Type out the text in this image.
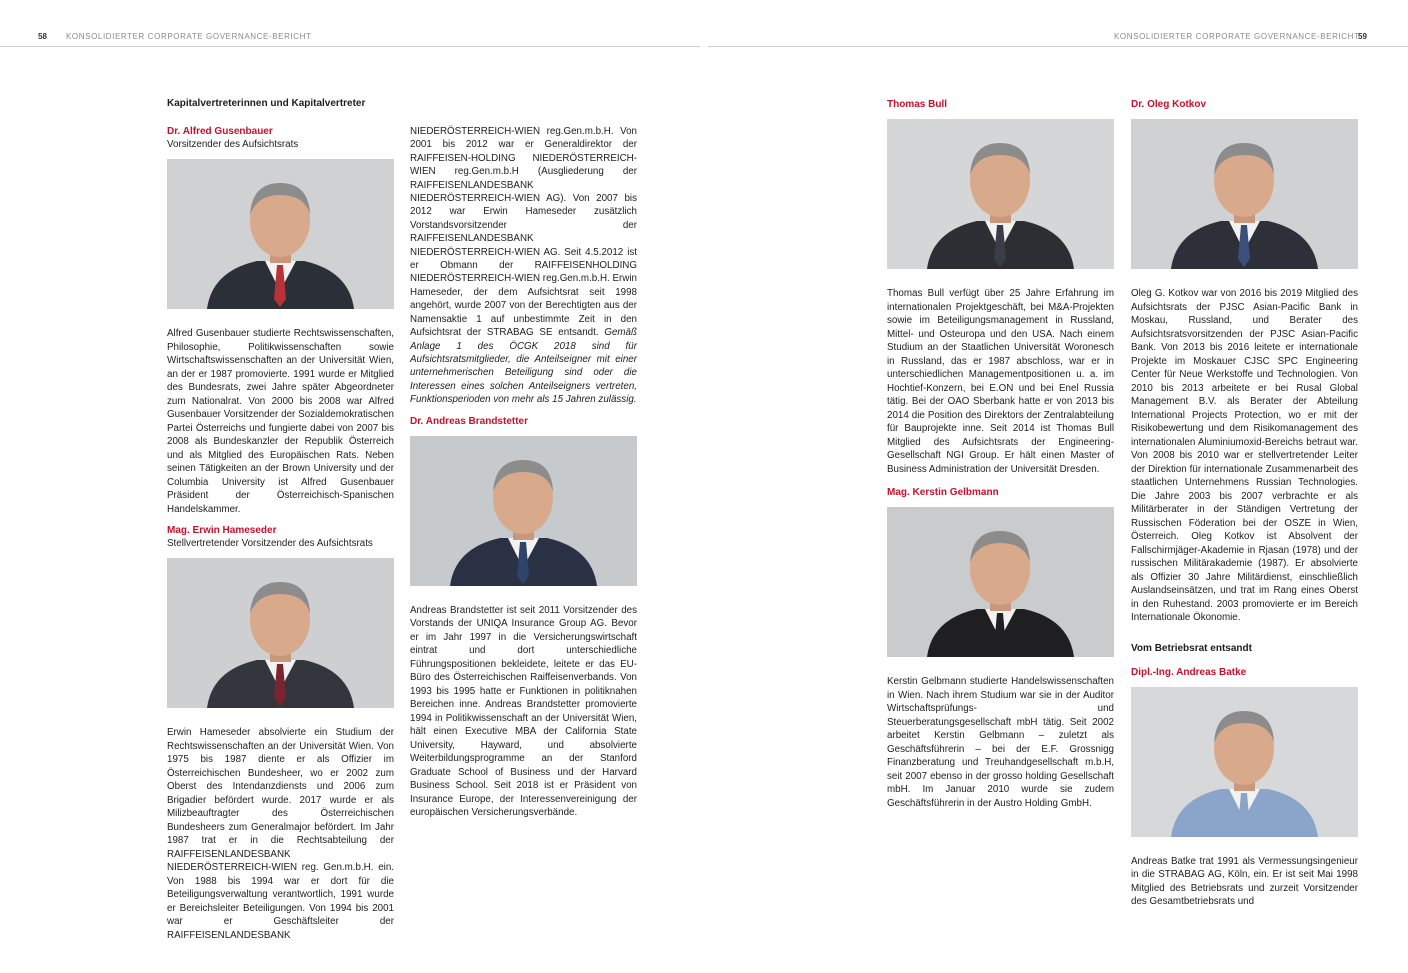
58 KONSOLIDIERTER CORPORATE GOVERNANCE-BERICHT	KONSOLIDIERTER CORPORATE GOVERNANCE-BERICHT
59
Kapitalvertreterinnen und Kapitalvertreter
Dr. Alfred Gusenbauer
Vorsitzender des Aufsichtsrats

Alfred Gusenbauer studierte Rechtswissenschaften, Philosophie, Politikwissenschaften sowie Wirtschaftswissenschaften an der Universität Wien, an der er 1987 promovierte. 1991 wurde er Mitglied des Bundesrats, zwei Jahre später Abgeordneter zum Nationalrat. Von 2000 bis 2008 war Alfred Gusenbauer Vorsitzender der Sozialdemokratischen Partei Österreichs und fungierte dabei von 2007 bis 2008 als Bundeskanzler der Republik Österreich und als Mitglied des Europäischen Rats. Neben seinen Tätigkeiten an der Brown University und der Columbia University ist Alfred Gusenbauer Präsident der Österreichisch-Spanischen Handelskammer.

Mag. Erwin Hameseder
Stellvertretender Vorsitzender des Aufsichtsrats

Erwin Hameseder absolvierte ein Studium der Rechtswissenschaften an der Universität Wien. Von 1975 bis 1987 diente er als Offizier im Österreichischen Bundesheer, wo er 2002 zum Oberst des Intendanzdiensts und 2006 zum Brigadier befördert wurde. 2017 wurde er als Milizbeauftragter des Österreichischen Bundesheers zum Generalmajor befördert. Im Jahr 1987 trat er in die Rechtsabteilung der RAIFFEISENLANDESBANK NIEDERÖSTERREICH-WIEN reg. Gen.m.b.H. ein. Von 1988 bis 1994 war er dort für die Beteiligungsverwaltung verantwortlich, 1991 wurde er Bereichsleiter Beteiligungen. Von 1994 bis 2001 war er Geschäftsleiter der RAIFFEISENLANDESBANK

NIEDERÖSTERREICH-WIEN reg.Gen.m.b.H. Von 2001 bis 2012 war er Generaldirektor der RAIFFEISEN-HOLDING NIEDERÖSTERREICH-WIEN reg.Gen.m.b.H (Ausgliederung der RAIFFEISENLANDESBANK NIEDERÖSTERREICH-WIEN AG). Von 2007 bis 2012 war Erwin Hameseder zusätzlich Vorstandsvorsitzender der RAIFFEISENLANDESBANK NIEDERÖSTERREICH-WIEN AG. Seit 4.5.2012 ist er Obmann der RAIFFEISENHOLDING NIEDERÖSTERREICH-WIEN reg.Gen.m.b.H. Erwin Hameseder, der dem Aufsichtsrat seit 1998 angehört, wurde 2007 von der Berechtigten aus der Namensaktie 1 auf unbestimmte Zeit in den Aufsichtsrat der STRABAG SE entsandt. Gemäß Anlage 1 des ÖCGK 2018 sind für Aufsichtsratsmitglieder, die Anteilseigner mit einer unternehmerischen Beteiligung sind oder die Interessen eines solchen Anteilseigners vertreten, Funktionsperioden von mehr als 15 Jahren zulässig.

Dr. Andreas Brandstetter

Andreas Brandstetter ist seit 2011 Vorsitzender des Vorstands der UNIQA Insurance Group AG. Bevor er im Jahr 1997 in die Versicherungswirtschaft eintrat und dort unterschiedliche Führungspositionen bekleidete, leitete er das EU-Büro des Österreichischen Raiffeisenverbands. Von 1993 bis 1995 hatte er Funktionen in politiknahen Bereichen inne. Andreas Brandstetter promovierte 1994 in Politikwissenschaft an der Universität Wien, hält einen Executive MBA der California State University, Hayward, und absolvierte Weiterbildungsprogramme an der Stanford Graduate School of Business und der Harvard Business School. Seit 2018 ist er Präsident von Insurance Europe, der Interessenvereinigung der europäischen Versicherungsverbände.

Thomas Bull

Thomas Bull verfügt über 25 Jahre Erfahrung im internationalen Projektgeschäft, bei M&A-Projekten sowie im Beteiligungsmanagement in Russland, Mittel- und Osteuropa und den USA. Nach einem Studium an der Staatlichen Universität Woronesch in Russland, das er 1987 abschloss, war er in unterschiedlichen Managementpositionen u. a. im Hochtief-Konzern, bei E.ON und bei Enel Russia tätig. Bei der OAO Sberbank hatte er von 2013 bis 2014 die Position des Direktors der Zentralabteilung für Bauprojekte inne. Seit 2014 ist Thomas Bull Mitglied des Aufsichtsrats der Engineering-Gesellschaft NGI Group. Er hält einen Master of Business Administration der Universität Dresden.

Mag. Kerstin Gelbmann

Kerstin Gelbmann studierte Handelswissenschaften in Wien. Nach ihrem Studium war sie in der Auditor Wirtschaftsprüfungs- und Steuerberatungsgesellschaft mbH tätig. Seit 2002 arbeitet Kerstin Gelbmann – zuletzt als Geschäftsführerin – bei der E.F. Grossnigg Finanzberatung und Treuhandgesellschaft m.b.H, seit 2007 ebenso in der grosso holding Gesellschaft mbH. Im Januar 2010 wurde sie zudem Geschäftsführerin in der Austro Holding GmbH.

Dr. Oleg Kotkov

Oleg G. Kotkov war von 2016 bis 2019 Mitglied des Aufsichtsrats der PJSC Asian-Pacific Bank in Moskau, Russland, und Berater des Aufsichtsratsvorsitzenden der PJSC Asian-Pacific Bank. Von 2013 bis 2016 leitete er internationale Projekte im Moskauer CJSC SPC Engineering Center für Neue Werkstoffe und Technologien. Von 2010 bis 2013 arbeitete er bei Rusal Global Management B.V. als Berater der Abteilung International Projects Protection, wo er mit der Risikobewertung und dem Risikomanagement des internationalen Aluminiumoxid-Bereichs betraut war. Von 2008 bis 2010 war er stellvertretender Leiter der Direktion für internationale Zusammenarbeit des staatlichen Unternehmens Russian Technologies. Die Jahre 2003 bis 2007 verbrachte er als Militärberater in der Ständigen Vertretung der Russischen Föderation bei der OSZE in Wien, Österreich. Oleg Kotkov ist Absolvent der Fallschirmjäger-Akademie in Rjasan (1978) und der russischen Militärakademie (1987). Er absolvierte als Offizier 30 Jahre Militärdienst, einschließlich Auslandseinsätzen, und trat im Rang eines Oberst in den Ruhestand. 2003 promovierte er im Bereich Internationale Ökonomie.

Vom Betriebsrat entsandt
Dipl.-Ing. Andreas Batke

Andreas Batke trat 1991 als Vermessungsingenieur in die STRABAG AG, Köln, ein. Er ist seit Mai 1998 Mitglied des Betriebsrats und zurzeit Vorsitzender des Gesamtbetriebsrats und
